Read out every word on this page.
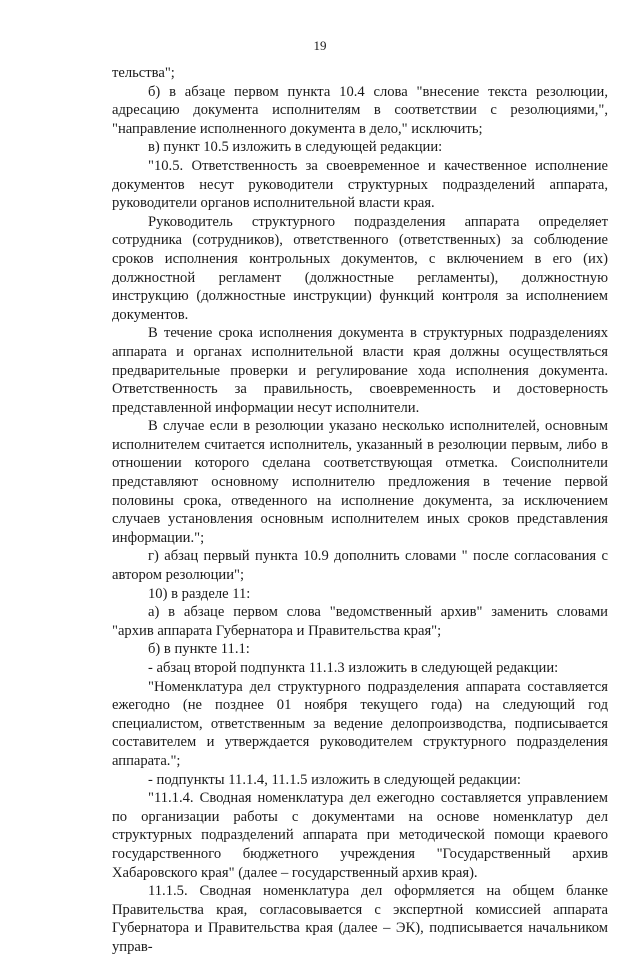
19

тельства";

б) в абзаце первом пункта 10.4 слова "внесение текста резолюции, адресацию документа исполнителям в соответствии с резолюциями,", "направление исполненного документа в дело," исключить;

в) пункт 10.5 изложить в следующей редакции:

"10.5. Ответственность за своевременное и качественное исполнение документов несут руководители структурных подразделений аппарата, руководители органов исполнительной власти края.

Руководитель структурного подразделения аппарата определяет сотрудника (сотрудников), ответственного (ответственных) за соблюдение сроков исполнения контрольных документов, с включением в его (их) должностной регламент (должностные регламенты), должностную инструкцию (должностные инструкции) функций контроля за исполнением документов.

В течение срока исполнения документа в структурных подразделениях аппарата и органах исполнительной власти края должны осуществляться предварительные проверки и регулирование хода исполнения документа. Ответственность за правильность, своевременность и достоверность представленной информации несут исполнители.

В случае если в резолюции указано несколько исполнителей, основным исполнителем считается исполнитель, указанный в резолюции первым, либо в отношении которого сделана соответствующая отметка. Соисполнители представляют основному исполнителю предложения в течение первой половины срока, отведенного на исполнение документа, за исключением случаев установления основным исполнителем иных сроков представления информации.";

г) абзац первый пункта 10.9 дополнить словами " после согласования с автором резолюции";

10) в разделе 11:

а) в абзаце первом слова "ведомственный архив" заменить словами "архив аппарата Губернатора и Правительства края";

б) в пункте 11.1:

- абзац второй подпункта 11.1.3 изложить в следующей редакции:

"Номенклатура дел структурного подразделения аппарата составляется ежегодно (не позднее 01 ноября текущего года) на следующий год специалистом, ответственным за ведение делопроизводства, подписывается составителем и утверждается руководителем структурного подразделения аппарата.";

- подпункты 11.1.4, 11.1.5 изложить в следующей редакции:

"11.1.4. Сводная номенклатура дел ежегодно составляется управлением по организации работы с документами на основе номенклатур дел структурных подразделений аппарата при методической помощи краевого государственного бюджетного учреждения "Государственный архив Хабаровского края" (далее – государственный архив края).

11.1.5. Сводная номенклатура дел оформляется на общем бланке Правительства края, согласовывается с экспертной комиссией аппарата Губернатора и Правительства края (далее – ЭК), подписывается начальником управ-
